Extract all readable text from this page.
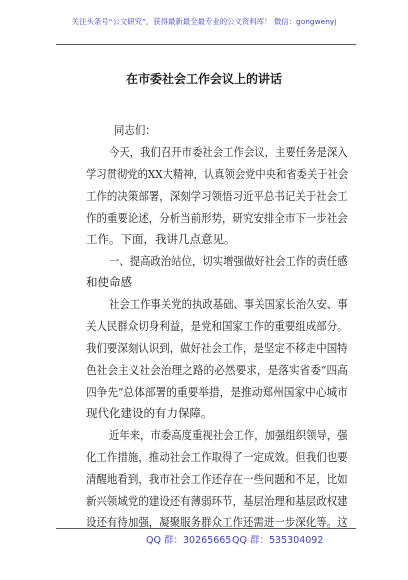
关注头条号“公文研究”，获得最新最全最专业的公文资料库！ 微信：gongwenyj
在市委社会工作会议上的讲话
同志们：
今天，我们召开市委社会工作会议，主要任务是深入
学习贯彻党的XX大精神，认真领会党中央和省委关于社会
工作的决策部署，深刻学习领悟习近平总书记关于社会工
作的重要论述，分析当前形势，研究安排全市下一步社会
工作。下面，我讲几点意见。
一、提高政治站位，切实增强做好社会工作的责任感
和使命感
社会工作事关党的执政基础、事关国家长治久安、事
关人民群众切身利益，是党和国家工作的重要组成部分。
我们要深刻认识到，做好社会工作，是坚定不移走中国特
色社会主义社会治理之路的必然要求，是落实省委“四高
四争先”总体部署的重要举措，是推动郑州国家中心城市
现代化建设的有力保障。
近年来，市委高度重视社会工作，加强组织领导，强
化工作措施，推动社会工作取得了一定成效。但我们也要
清醒地看到，我市社会工作还存在一些问题和不足，比如
新兴领域党的建设还有薄弱环节，基层治理和基层政权建
设还有待加强，凝聚服务群众工作还需进一步深化等。这
QQ 群：30265665 QQ 群：535304092
